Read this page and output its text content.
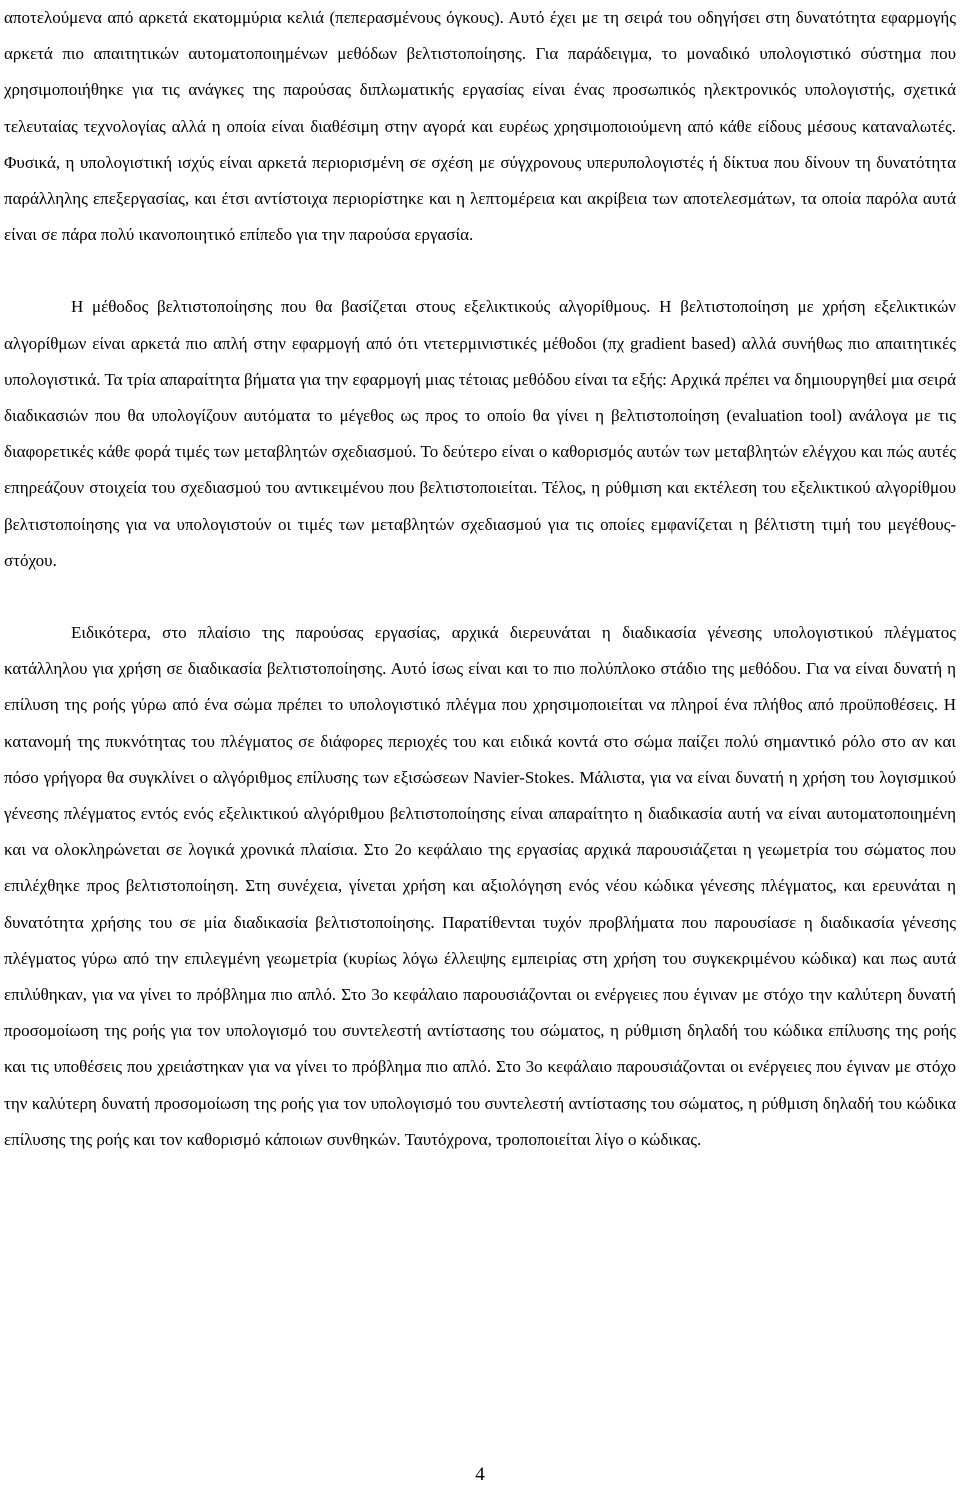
αποτελούμενα από αρκετά εκατομμύρια κελιά (πεπερασμένους όγκους). Αυτό έχει με τη σειρά του οδηγήσει στη δυνατότητα εφαρμογής αρκετά πιο απαιτητικών αυτοματοποιημένων μεθόδων βελτιστοποίησης. Για παράδειγμα, το μοναδικό υπολογιστικό σύστημα που χρησιμοποιήθηκε για τις ανάγκες της παρούσας διπλωματικής εργασίας είναι ένας προσωπικός ηλεκτρονικός υπολογιστής, σχετικά τελευταίας τεχνολογίας αλλά η οποία είναι διαθέσιμη στην αγορά και ευρέως χρησιμοποιούμενη από κάθε είδους μέσους καταναλωτές. Φυσικά, η υπολογιστική ισχύς είναι αρκετά περιορισμένη σε σχέση με σύγχρονους υπερυπολογιστές ή δίκτυα που δίνουν τη δυνατότητα παράλληλης επεξεργασίας, και έτσι αντίστοιχα περιορίστηκε και η λεπτομέρεια και ακρίβεια των αποτελεσμάτων, τα οποία παρόλα αυτά είναι σε πάρα πολύ ικανοποιητικό επίπεδο για την παρούσα εργασία.

Η μέθοδος βελτιστοποίησης που θα βασίζεται στους εξελικτικούς αλγορίθμους. Η βελτιστοποίηση με χρήση εξελικτικών αλγορίθμων είναι αρκετά πιο απλή στην εφαρμογή από ότι ντετερμινιστικές μέθοδοι (πχ gradient based) αλλά συνήθως πιο απαιτητικές υπολογιστικά. Τα τρία απαραίτητα βήματα για την εφαρμογή μιας τέτοιας μεθόδου είναι τα εξής: Αρχικά πρέπει να δημιουργηθεί μια σειρά διαδικασιών που θα υπολογίζουν αυτόματα το μέγεθος ως προς το οποίο θα γίνει η βελτιστοποίηση (evaluation tool) ανάλογα με τις διαφορετικές κάθε φορά τιμές των μεταβλητών σχεδιασμού. Το δεύτερο είναι ο καθορισμός αυτών των μεταβλητών ελέγχου και πώς αυτές επηρεάζουν στοιχεία του σχεδιασμού του αντικειμένου που βελτιστοποιείται. Τέλος, η ρύθμιση και εκτέλεση του εξελικτικού αλγορίθμου βελτιστοποίησης για να υπολογιστούν οι τιμές των μεταβλητών σχεδιασμού για τις οποίες εμφανίζεται η βέλτιστη τιμή του μεγέθους-στόχου.

Ειδικότερα, στο πλαίσιο της παρούσας εργασίας, αρχικά διερευνάται η διαδικασία γένεσης υπολογιστικού πλέγματος κατάλληλου για χρήση σε διαδικασία βελτιστοποίησης. Αυτό ίσως είναι και το πιο πολύπλοκο στάδιο της μεθόδου. Για να είναι δυνατή η επίλυση της ροής γύρω από ένα σώμα πρέπει το υπολογιστικό πλέγμα που χρησιμοποιείται να πληροί ένα πλήθος από προϋποθέσεις. Η κατανομή της πυκνότητας του πλέγματος σε διάφορες περιοχές του και ειδικά κοντά στο σώμα παίζει πολύ σημαντικό ρόλο στο αν και πόσο γρήγορα θα συγκλίνει ο αλγόριθμος επίλυσης των εξισώσεων Navier-Stokes. Μάλιστα, για να είναι δυνατή η χρήση του λογισμικού γένεσης πλέγματος εντός ενός εξελικτικού αλγόριθμου βελτιστοποίησης είναι απαραίτητο η διαδικασία αυτή να είναι αυτοματοποιημένη και να ολοκληρώνεται σε λογικά χρονικά πλαίσια. Στο 2ο κεφάλαιο της εργασίας αρχικά παρουσιάζεται η γεωμετρία του σώματος που επιλέχθηκε προς βελτιστοποίηση. Στη συνέχεια, γίνεται χρήση και αξιολόγηση ενός νέου κώδικα γένεσης πλέγματος, και ερευνάται η δυνατότητα χρήσης του σε μία διαδικασία βελτιστοποίησης. Παρατίθενται τυχόν προβλήματα που παρουσίασε η διαδικασία γένεσης πλέγματος γύρω από την επιλεγμένη γεωμετρία (κυρίως λόγω έλλειψης εμπειρίας στη χρήση του συγκεκριμένου κώδικα) και πως αυτά επιλύθηκαν, για να γίνει το πρόβλημα πιο απλό. Στο 3ο κεφάλαιο παρουσιάζονται οι ενέργειες που έγιναν με στόχο την καλύτερη δυνατή προσομοίωση της ροής για τον υπολογισμό του συντελεστή αντίστασης του σώματος, η ρύθμιση δηλαδή του κώδικα επίλυσης της ροής και τις υποθέσεις που χρειάστηκαν για να γίνει το πρόβλημα πιο απλό. Στο 3ο κεφάλαιο παρουσιάζονται οι ενέργειες που έγιναν με στόχο την καλύτερη δυνατή προσομοίωση της ροής για τον υπολογισμό του συντελεστή αντίστασης του σώματος, η ρύθμιση δηλαδή του κώδικα επίλυσης της ροής και τον καθορισμό κάποιων συνθηκών. Ταυτόχρονα, τροποποιείται λίγο ο κώδικας.

4
